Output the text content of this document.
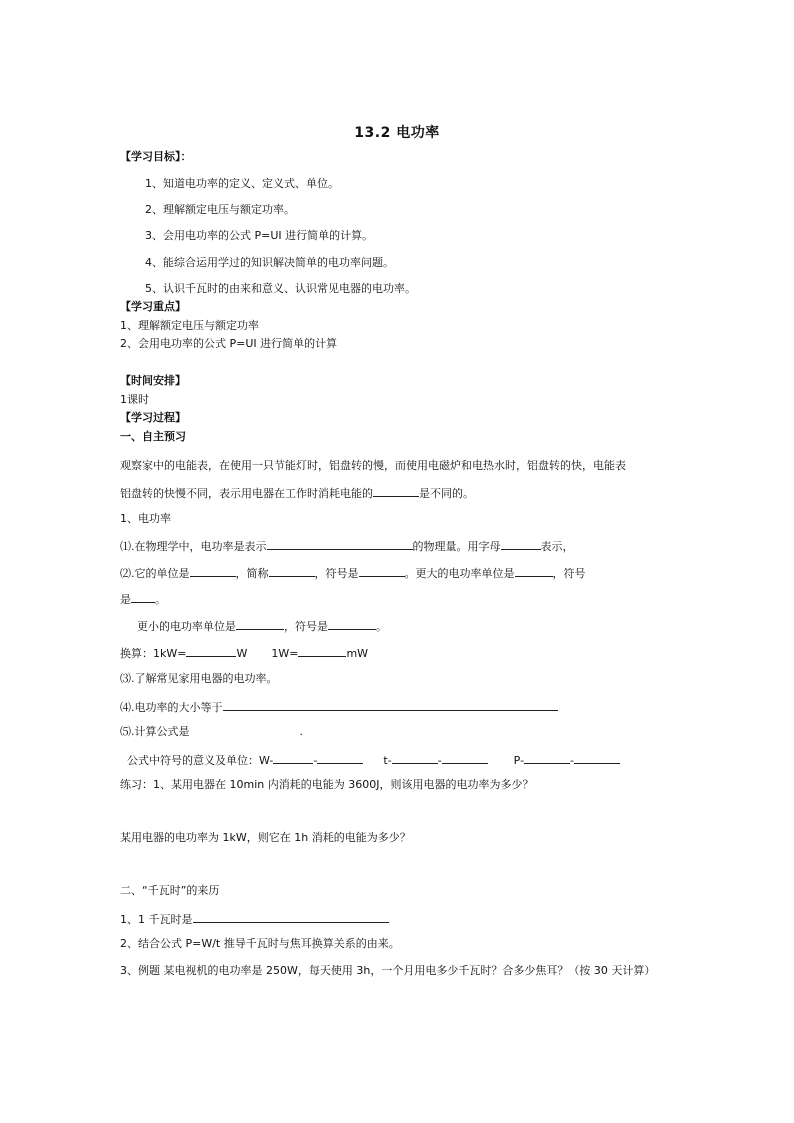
13.2 电功率
【学习目标】：
1、知道电功率的定义、定义式、单位。
2、理解额定电压与额定功率。
3、会用电功率的公式 P=UI 进行简单的计算。
4、能综合运用学过的知识解决简单的电功率问题。
5、认识千瓦时的由来和意义、认识常见电器的电功率。
【学习重点】
1、理解额定电压与额定功率
2、会用电功率的公式 P=UI 进行简单的计算
【时间安排】
1课时
【学习过程】
一、自主预习
观察家中的电能表，在使用一只节能灯时，铝盘转的慢，而使用电磁炉和电热水时，铝盘转的快，电能表
铝盘转的快慢不同，表示用电器在工作时消耗电能的	是不同的。
1、电功率
⑴.在物理学中，电功率是表示	的物理量。用字母	表示，
⑵.它的单位是	，简称	，符号是	。更大的电功率单位是	，符号
是 。
更小的电功率单位是	，符号是	。
换算：1kW=	W 1W=	mW
⑶.了解常见家用电器的电功率。
⑷.电功率的大小等于
⑸.计算公式是	.
公式中符号的意义及单位：W-	-	t-	-	P-	-
练习：1、某用电器在 10min 内消耗的电能为 3600J，则该用电器的电功率为多少？
某用电器的电功率为 1kW，则它在 1h 消耗的电能为多少？
二、“千瓦时”的来历
1、1 千瓦时是
2、结合公式 P=W/t 推导千瓦时与焦耳换算关系的由来。
3、例题 某电视机的电功率是 250W，每天使用 3h，一个月用电多少千瓦时？合多少焦耳？（按 30 天计算）
